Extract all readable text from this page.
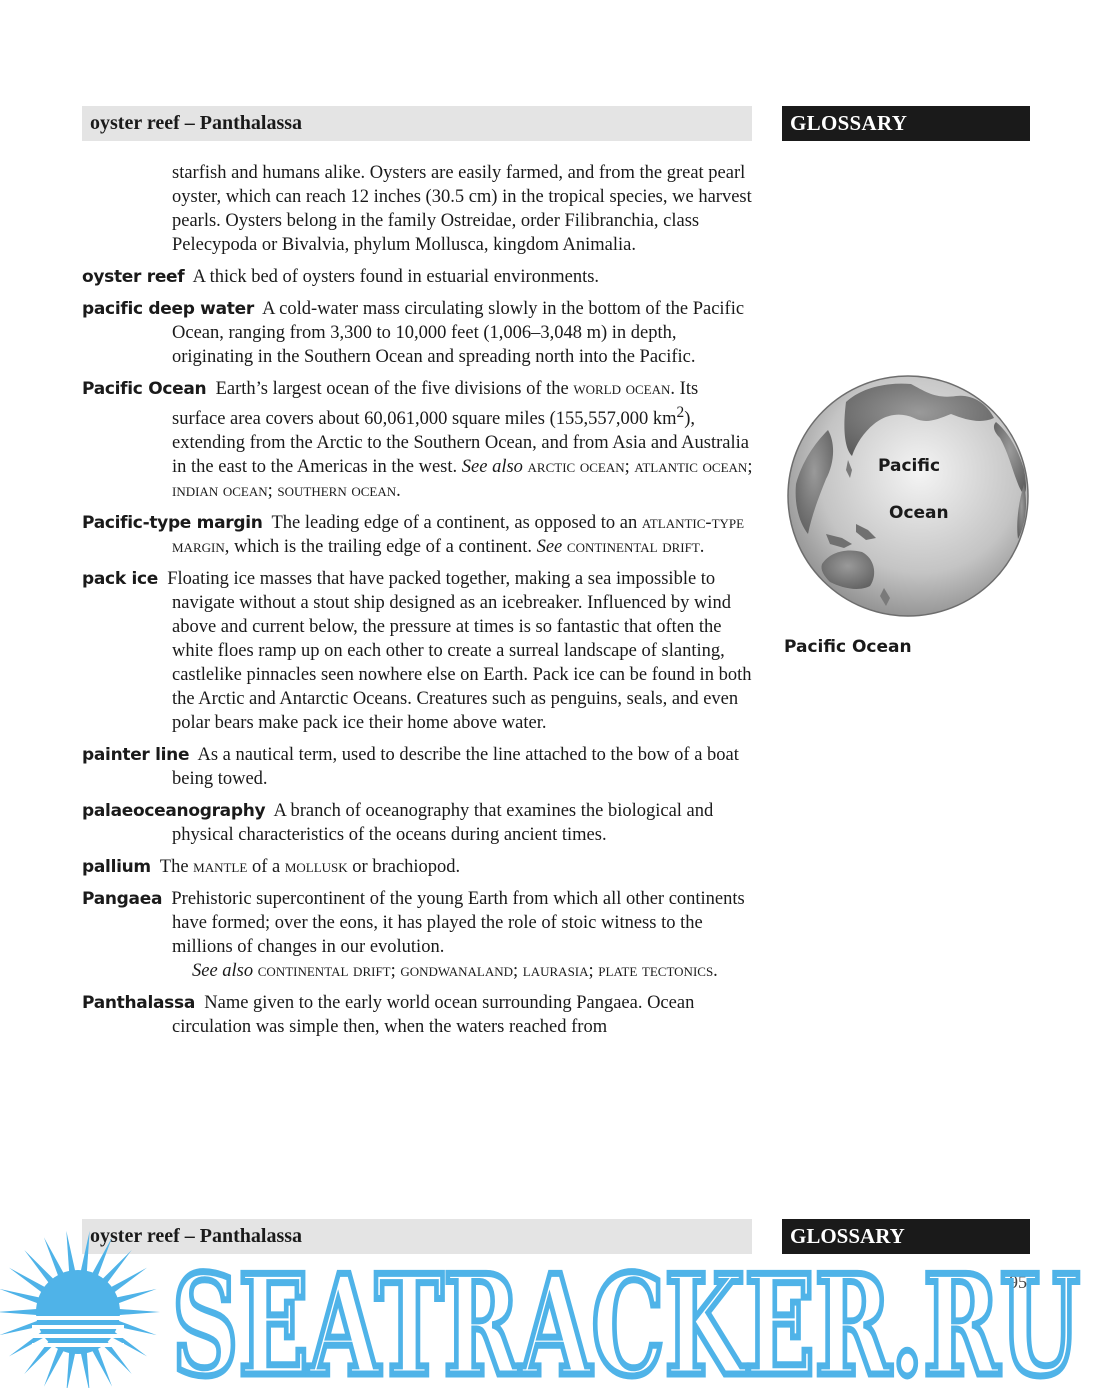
oyster reef – Panthalassa	GLOSSARY
starfish and humans alike. Oysters are easily farmed, and from the great pearl oyster, which can reach 12 inches (30.5 cm) in the tropical species, we harvest pearls. Oysters belong in the family Ostreidae, order Filibranchia, class Pelecypoda or Bivalvia, phylum Mollusca, kingdom Animalia.
oyster reef A thick bed of oysters found in estuarial environments.
pacific deep water A cold-water mass circulating slowly in the bottom of the Pacific Ocean, ranging from 3,300 to 10,000 feet (1,006–3,048 m) in depth, originating in the Southern Ocean and spreading north into the Pacific.
Pacific Ocean Earth’s largest ocean of the five divisions of the world ocean. Its surface area covers about 60,061,000 square miles (155,557,000 $km^2$), extending from the Arctic to the Southern Ocean, and from Asia and Australia in the east to the Americas in the west. See also arctic ocean; atlantic ocean; indian ocean; southern ocean.
Pacific-type margin The leading edge of a continent, as opposed to an atlantic-type margin, which is the trailing edge of a continent. See continental drift.
pack ice Floating ice masses that have packed together, making a sea impossible to navigate without a stout ship designed as an icebreaker. Influenced by wind above and current below, the pressure at times is so fantastic that often the white floes ramp up on each other to create a surreal landscape of slanting, castlelike pinnacles seen nowhere else on Earth. Pack ice can be found in both the Arctic and Antarctic Oceans. Creatures such as penguins, seals, and even polar bears make pack ice their home above water.
painter line As a nautical term, used to describe the line attached to the bow of a boat being towed.
palaeoceanography A branch of oceanography that examines the biological and physical characteristics of the oceans during ancient times.
pallium The mantle of a mollusk or brachiopod.
Pangaea Prehistoric supercontinent of the young Earth from which all other continents have formed; over the eons, it has played the role of stoic witness to the millions of changes in our evolution.
See also continental drift; gondwanaland; laurasia; plate tectonics.
Panthalassa Name given to the early world ocean surrounding Pangaea. Ocean circulation was simple then, when the waters reached from
Pacific
Ocean
Pacific Ocean
oyster reef – Panthalassa	GLOSSARY
95
SEATRACKER.RU
